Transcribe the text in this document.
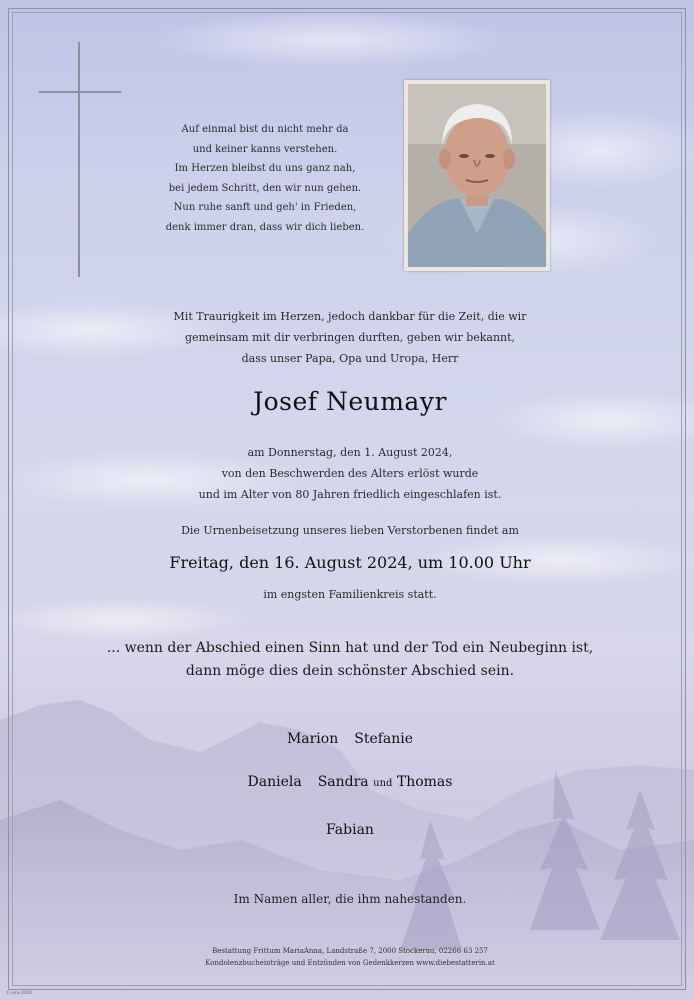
Auf einmal bist du nicht mehr da
und keiner kanns verstehen.
Im Herzen bleibst du uns ganz nah,
bei jedem Schritt, den wir nun gehen.
Nun ruhe sanft und geh' in Frieden,
denk immer dran, dass wir dich lieben.
Mit Traurigkeit im Herzen, jedoch dankbar für die Zeit, die wir
gemeinsam mit dir verbringen durften, geben wir bekannt,
dass unser Papa, Opa und Uropa, Herr
Josef Neumayr
am Donnerstag, den 1. August 2024,
von den Beschwerden des Alters erlöst wurde
und im Alter von 80 Jahren friedlich eingeschlafen ist.
Die Urnenbeisetzung unseres lieben Verstorbenen findet am
Freitag, den 16. August 2024, um 10.00 Uhr
im engsten Familienkreis statt.
... wenn der Abschied einen Sinn hat und der Tod ein Neubeginn ist,
dann möge dies dein schönster Abschied sein.
Marion Stefanie
Daniela Sandra und Thomas
Fabian
Im Namen aller, die ihm nahestanden.
Bestattung Frittum MariaAnna, Landstraße 7, 2000 Stockerau, 02266 63 257
Kondolenzbucheinträge und Entzünden von Gedenkkerzen www.diebestatterin.at
© emu 2018
